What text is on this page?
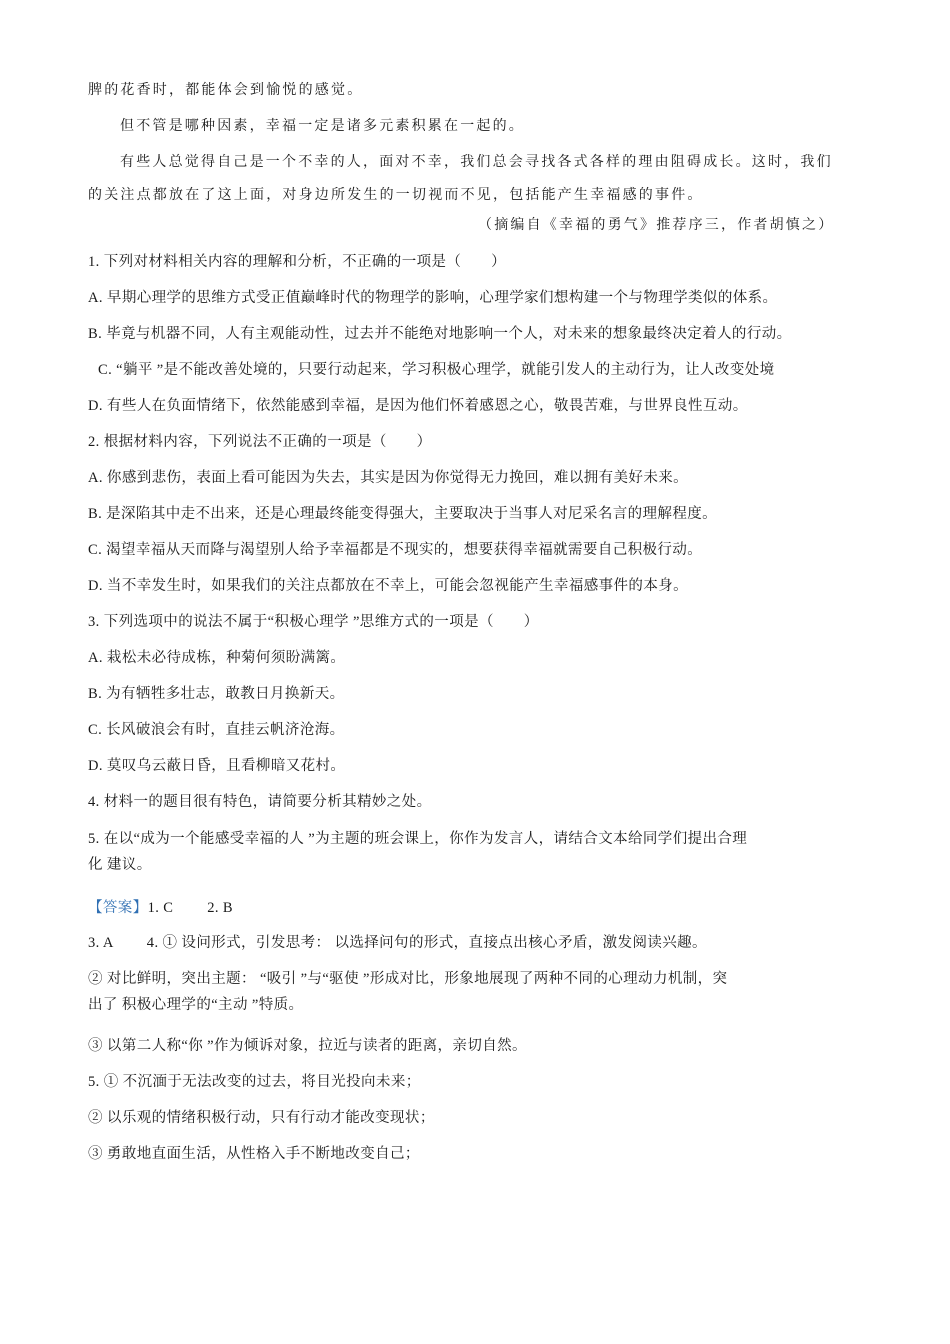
脾的花香时，都能体会到愉悦的感觉。
但不管是哪种因素，幸福一定是诸多元素积累在一起的。
有些人总觉得自己是一个不幸的人，面对不幸，我们总会寻找各式各样的理由阻碍成长。这时，我们
的关注点都放在了这上面，对身边所发生的一切视而不见，包括能产生幸福感的事件。
（摘编自《幸福的勇气》推荐序三，作者胡慎之）
1. 下列对材料相关内容的理解和分析，不正确的一项是（　　）
A. 早期心理学的思维方式受正值巅峰时代的物理学的影响，心理学家们想构建一个与物理学类似的体系。
B. 毕竟与机器不同，人有主观能动性，过去并不能绝对地影响一个人，对未来的想象最终决定着人的行动。
C. “躺平 ”是不能改善处境的，只要行动起来，学习积极心理学，就能引发人的主动行为，让人改变处境
D. 有些人在负面情绪下，依然能感到幸福，是因为他们怀着感恩之心，敬畏苦难，与世界良性互动。
2. 根据材料内容，下列说法不正确的一项是（　　）
A. 你感到悲伤，表面上看可能因为失去，其实是因为你觉得无力挽回，难以拥有美好未来。
B. 是深陷其中走不出来，还是心理最终能变得强大，主要取决于当事人对尼采名言的理解程度。
C. 渴望幸福从天而降与渴望别人给予幸福都是不现实的，想要获得幸福就需要自己积极行动。
D. 当不幸发生时，如果我们的关注点都放在不幸上，可能会忽视能产生幸福感事件的本身。
3. 下列选项中的说法不属于“积极心理学 ”思维方式的一项是（　　）
A. 栽松未必待成栋，种菊何须盼满篱。
B. 为有牺牲多壮志，敢教日月换新天。
C. 长风破浪会有时，直挂云帆济沧海。
D. 莫叹乌云蔽日昏，且看柳暗又花村。
4. 材料一的题目很有特色，请简要分析其精妙之处。
5. 在以“成为一个能感受幸福的人 ”为主题的班会课上，你作为发言人，请结合文本给同学们提出合理
化 建议。
【答案】1. C　　 2. B
3. A　　 4. ① 设问形式，引发思考： 以选择问句的形式，直接点出核心矛盾，激发阅读兴趣。
② 对比鲜明，突出主题： “吸引 ”与“驱使 ”形成对比，形象地展现了两种不同的心理动力机制，突
出了 积极心理学的“主动 ”特质。
③ 以第二人称“你 ”作为倾诉对象，拉近与读者的距离，亲切自然。
5. ① 不沉湎于无法改变的过去，将目光投向未来；
② 以乐观的情绪积极行动，只有行动才能改变现状；
③ 勇敢地直面生活，从性格入手不断地改变自己；
